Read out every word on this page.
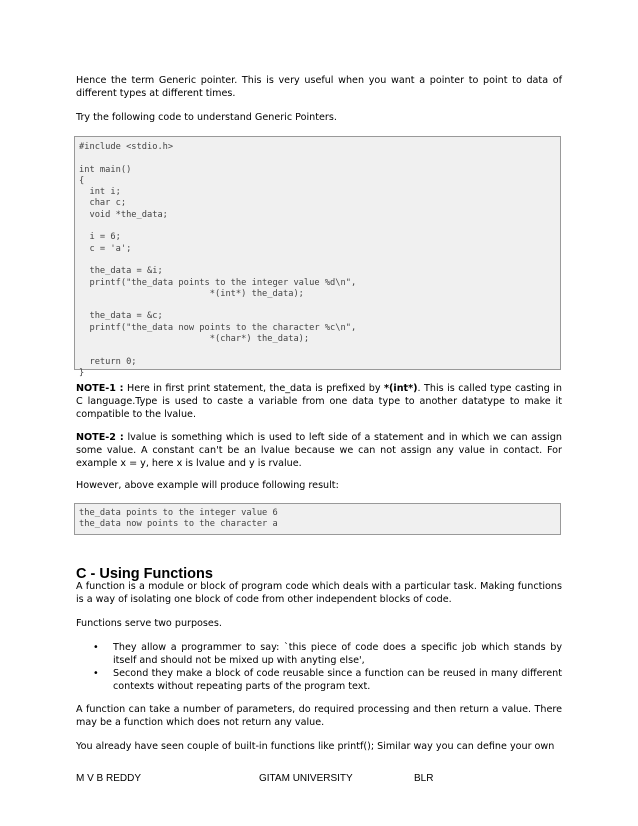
Hence the term Generic pointer. This is very useful when you want a pointer to point to data of different types at different times.

Try the following code to understand Generic Pointers.

#include <stdio.h>

int main()
{
int i;
char c;
void *the_data;

i = 6;
c = 'a';

the_data = &i;
printf("the_data points to the integer value %d\n",
*(int*) the_data);

the_data = &c;
printf("the_data now points to the character %c\n",
*(char*) the_data);

return 0;
}

NOTE-1 : Here in first print statement, the_data is prefixed by *(int*). This is called type casting in C language.Type is used to caste a variable from one data type to another datatype to make it compatible to the lvalue.

NOTE-2 : lvalue is something which is used to left side of a statement and in which we can assign some value. A constant can't be an lvalue because we can not assign any value in contact. For example x = y, here x is lvalue and y is rvalue.

However, above example will produce following result:

the_data points to the integer value 6
the_data now points to the character a
C - Using Functions

A function is a module or block of program code which deals with a particular task. Making functions is a way of isolating one block of code from other independent blocks of code.

Functions serve two purposes.

• They allow a programmer to say: `this piece of code does a specific job which stands by itself and should not be mixed up with anyting else',
• Second they make a block of code reusable since a function can be reused in many different contexts without repeating parts of the program text.

A function can take a number of parameters, do required processing and then return a value. There may be a function which does not return any value.

You already have seen couple of built-in functions like printf(); Similar way you can define your own

M V B REDDY	GITAM UNIVERSITY	BLR
